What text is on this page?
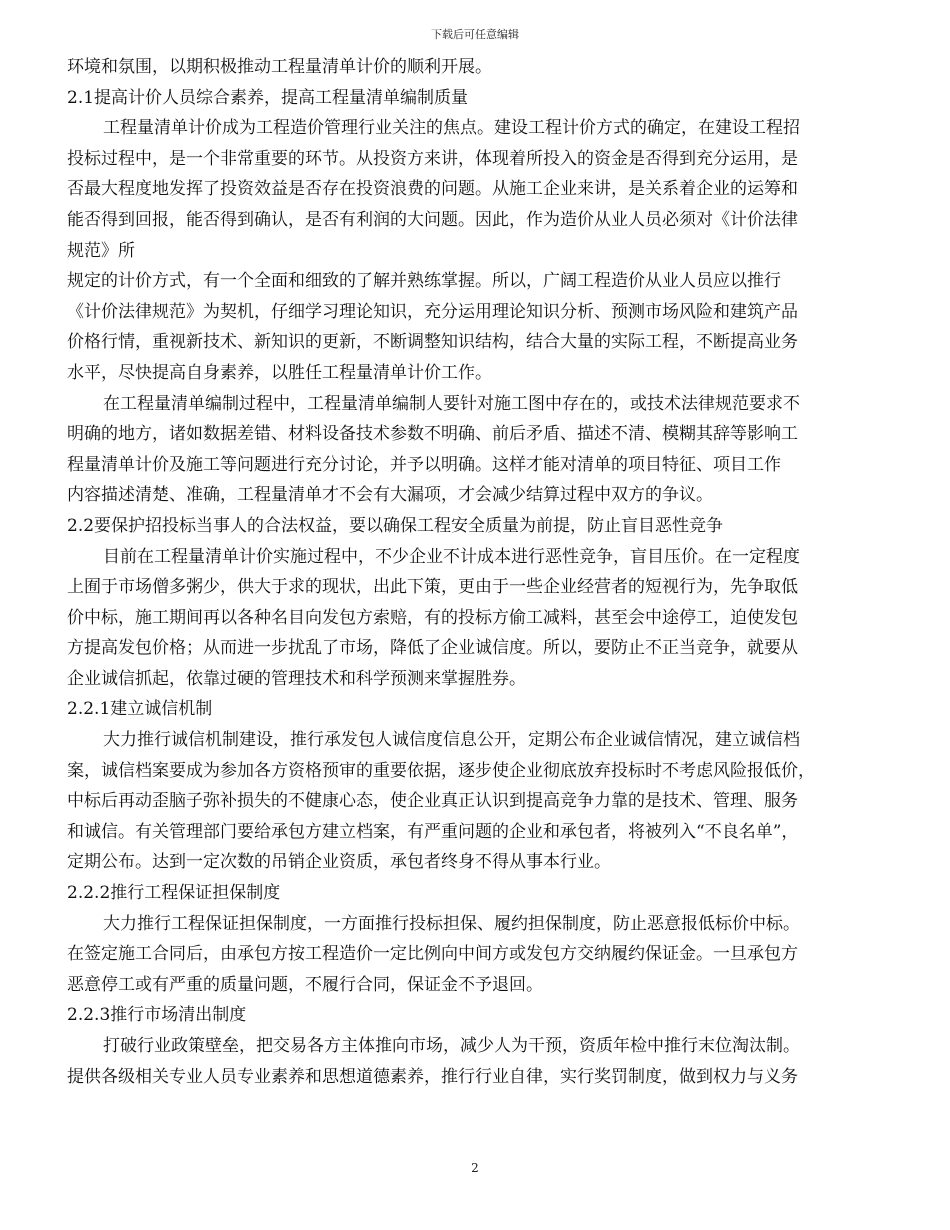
下载后可任意编辑
环境和氛围，以期积极推动工程量清单计价的顺利开展。
2.1提高计价人员综合素养，提高工程量清单编制质量
工程量清单计价成为工程造价管理行业关注的焦点。建设工程计价方式的确定，在建设工程招
投标过程中，是一个非常重要的环节。从投资方来讲，体现着所投入的资金是否得到充分运用，是
否最大程度地发挥了投资效益是否存在投资浪费的问题。从施工企业来讲，是关系着企业的运筹和
能否得到回报，能否得到确认，是否有利润的大问题。因此，作为造价从业人员必须对《计价法律
规范》所
规定的计价方式，有一个全面和细致的了解并熟练掌握。所以，广阔工程造价从业人员应以推行
《计价法律规范》为契机，仔细学习理论知识，充分运用理论知识分析、预测市场风险和建筑产品
价格行情，重视新技术、新知识的更新，不断调整知识结构，结合大量的实际工程，不断提高业务
水平，尽快提高自身素养，以胜任工程量清单计价工作。
在工程量清单编制过程中，工程量清单编制人要针对施工图中存在的，或技术法律规范要求不
明确的地方，诸如数据差错、材料设备技术参数不明确、前后矛盾、描述不清、模糊其辞等影响工
程量清单计价及施工等问题进行充分讨论，并予以明确。这样才能对清单的项目特征、项目工作
内容描述清楚、准确，工程量清单才不会有大漏项，才会减少结算过程中双方的争议。
2.2要保护招投标当事人的合法权益，要以确保工程安全质量为前提，防止盲目恶性竞争
目前在工程量清单计价实施过程中，不少企业不计成本进行恶性竞争，盲目压价。在一定程度
上囿于市场僧多粥少，供大于求的现状，出此下策，更由于一些企业经营者的短视行为，先争取低
价中标，施工期间再以各种名目向发包方索赔，有的投标方偷工减料，甚至会中途停工，迫使发包
方提高发包价格；从而进一步扰乱了市场，降低了企业诚信度。所以，要防止不正当竞争，就要从
企业诚信抓起，依靠过硬的管理技术和科学预测来掌握胜券。
2.2.1建立诚信机制
大力推行诚信机制建设，推行承发包人诚信度信息公开，定期公布企业诚信情况，建立诚信档
案，诚信档案要成为参加各方资格预审的重要依据，逐步使企业彻底放弃投标时不考虑风险报低价，
中标后再动歪脑子弥补损失的不健康心态，使企业真正认识到提高竞争力靠的是技术、管理、服务
和诚信。有关管理部门要给承包方建立档案，有严重问题的企业和承包者，将被列入“不良名单”，
定期公布。达到一定次数的吊销企业资质，承包者终身不得从事本行业。
2.2.2推行工程保证担保制度
大力推行工程保证担保制度，一方面推行投标担保、履约担保制度，防止恶意报低标价中标。
在签定施工合同后，由承包方按工程造价一定比例向中间方或发包方交纳履约保证金。一旦承包方
恶意停工或有严重的质量问题，不履行合同，保证金不予退回。
2.2.3推行市场清出制度
打破行业政策壁垒，把交易各方主体推向市场，减少人为干预，资质年检中推行末位淘汰制。
提供各级相关专业人员专业素养和思想道德素养，推行行业自律，实行奖罚制度，做到权力与义务
2
